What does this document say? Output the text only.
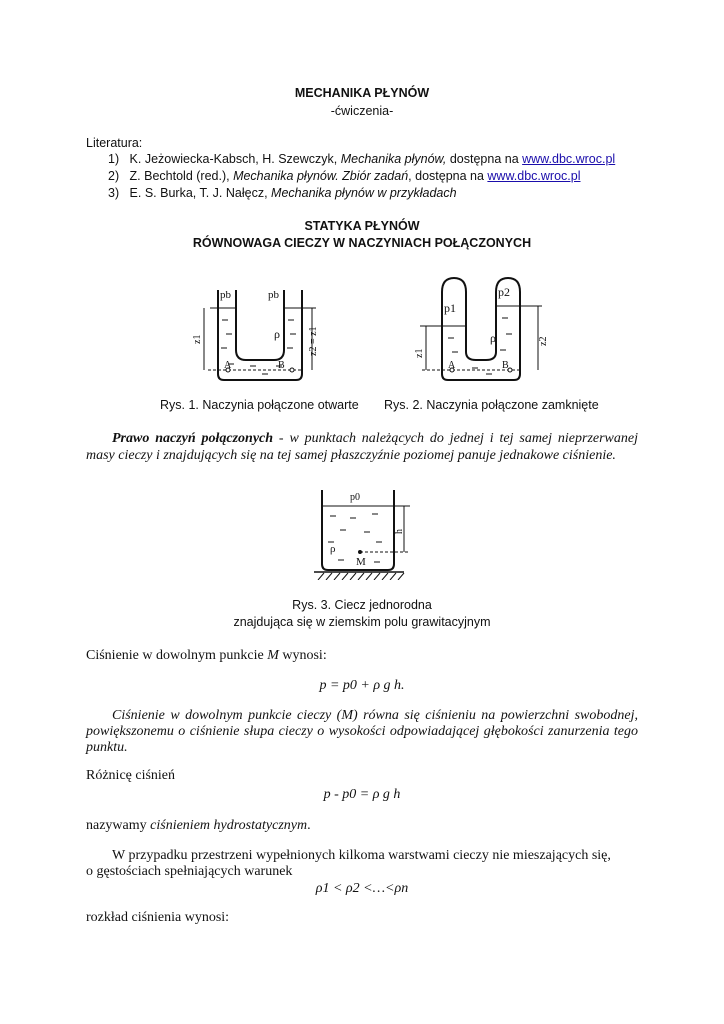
MECHANIKA PŁYNÓW
-ćwiczenia-
Literatura:
1) K. Jeżowiecka-Kabsch, H. Szewczyk, Mechanika płynów, dostępna na www.dbc.wroc.pl
2) Z. Bechtold (red.), Mechanika płynów. Zbiór zadań, dostępna na www.dbc.wroc.pl
3) E. S. Burka, T. J. Nałęcz, Mechanika płynów w przykładach
STATYKA PŁYNÓW
RÓWNOWAGA CIECZY W NACZYNIACH POŁĄCZONYCH
pb	pb
ρ
A	B
z1	z2 = z1
p1
p2
ρ
A	B
z1
z2
Rys. 1. Naczynia połączone otwarte Rys. 2. Naczynia połączone zamknięte
Prawo naczyń połączonych - w punktach należących do jednej i tej samej nieprzerwanej masy cieczy i znajdujących się na tej samej płaszczyźnie poziomej panuje jednakowe ciśnienie.
p0
ρ
M
h
Rys. 3. Ciecz jednorodna
znajdująca się w ziemskim polu grawitacyjnym
Ciśnienie w dowolnym punkcie M wynosi:
p = p0 + ρ g h.
Ciśnienie w dowolnym punkcie cieczy (M) równa się ciśnieniu na powierzchni swobodnej, powiększonemu o ciśnienie słupa cieczy o wysokości odpowiadającej głębokości zanurzenia tego punktu.
Różnicę ciśnień
p - p0 = ρ g h
nazywamy ciśnieniem hydrostatycznym.
W przypadku przestrzeni wypełnionych kilkoma warstwami cieczy nie mieszających się,
o gęstościach spełniających warunek
ρ1 < ρ2 <…<ρn
rozkład ciśnienia wynosi:
